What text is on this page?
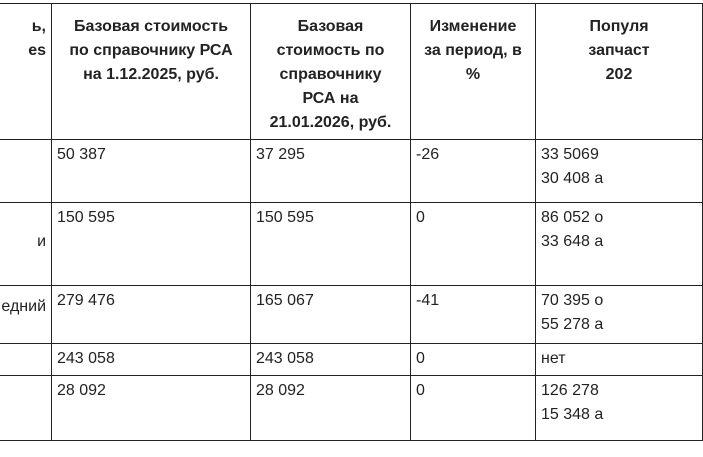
ь,
es	Базовая стоимость
по справочнику РСА
на 1.12.2025, руб.	Базовая
стоимость по
справочнику
РСА на
21.01.2026, руб.	Изменение
за период, в
%	Популя
запчаст
202

	50 387	37 295	-26	33 5069
30 408 а

и	150 595	150 595	0	86 052 о
33 648 а

едний	279 476	165 067	-41	70 395 о
55 278 а

	243 058	243 058	0	нет

	28 092	28 092	0	126 278
15 348 а
